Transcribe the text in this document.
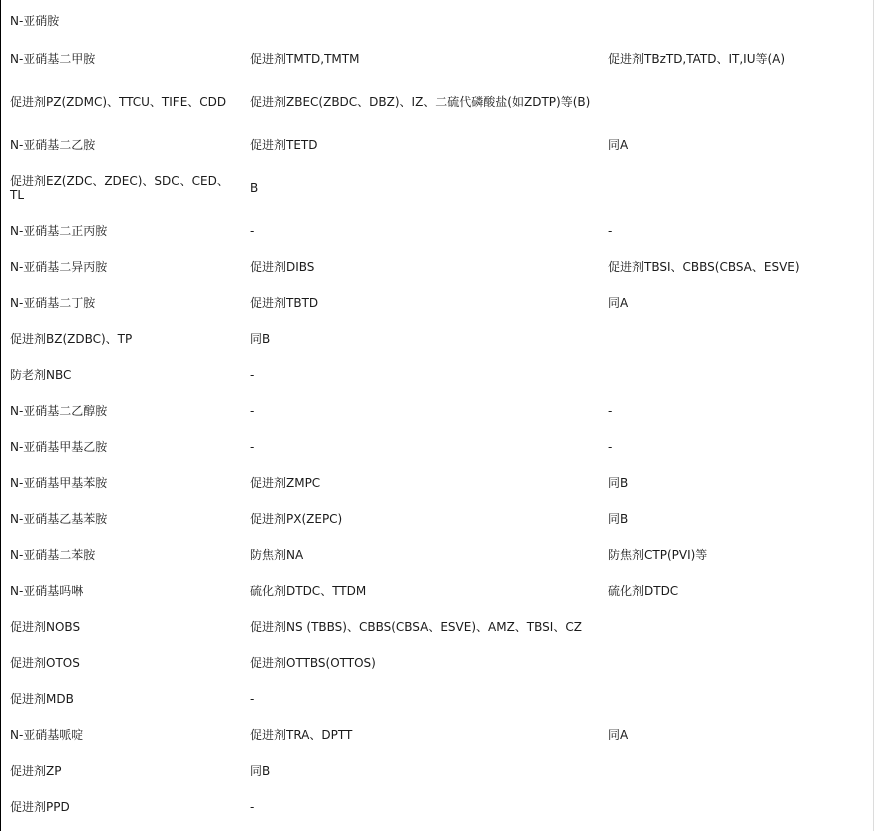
N-亚硝胺		
N-亚硝基二甲胺	促进剂TMTD,TMTM	促进剂TBzTD,TATD、IT,IU等(A)
促进剂PZ(ZDMC)、TTCU、TIFE、CDD	促进剂ZBEC(ZBDC、DBZ)、IZ、二硫代磷酸盐(如ZDTP)等(B)	
N-亚硝基二乙胺	促进剂TETD	同A
促进剂EZ(ZDC、ZDEC)、SDC、CED、TL	B	
N-亚硝基二正丙胺	-	-
N-亚硝基二异丙胺	促进剂DIBS	促进剂TBSI、CBBS(CBSA、ESVE)
N-亚硝基二丁胺	促进剂TBTD	同A
促进剂BZ(ZDBC)、TP	同B	
防老剂NBC	-	
N-亚硝基二乙醇胺	-	-
N-亚硝基甲基乙胺	-	-
N-亚硝基甲基苯胺	促进剂ZMPC	同B
N-亚硝基乙基苯胺	促进剂PX(ZEPC)	同B
N-亚硝基二苯胺	防焦剂NA	防焦剂CTP(PVI)等
N-亚硝基吗啉	硫化剂DTDC、TTDM	硫化剂DTDC
促进剂NOBS	促进剂NS (TBBS)、CBBS(CBSA、ESVE)、AMZ、TBSI、CZ	
促进剂OTOS	促进剂OTTBS(OTTOS)	
促进剂MDB	-	
N-亚硝基哌啶	促进剂TRA、DPTT	同A
促进剂ZP	同B	
促进剂PPD	-	
